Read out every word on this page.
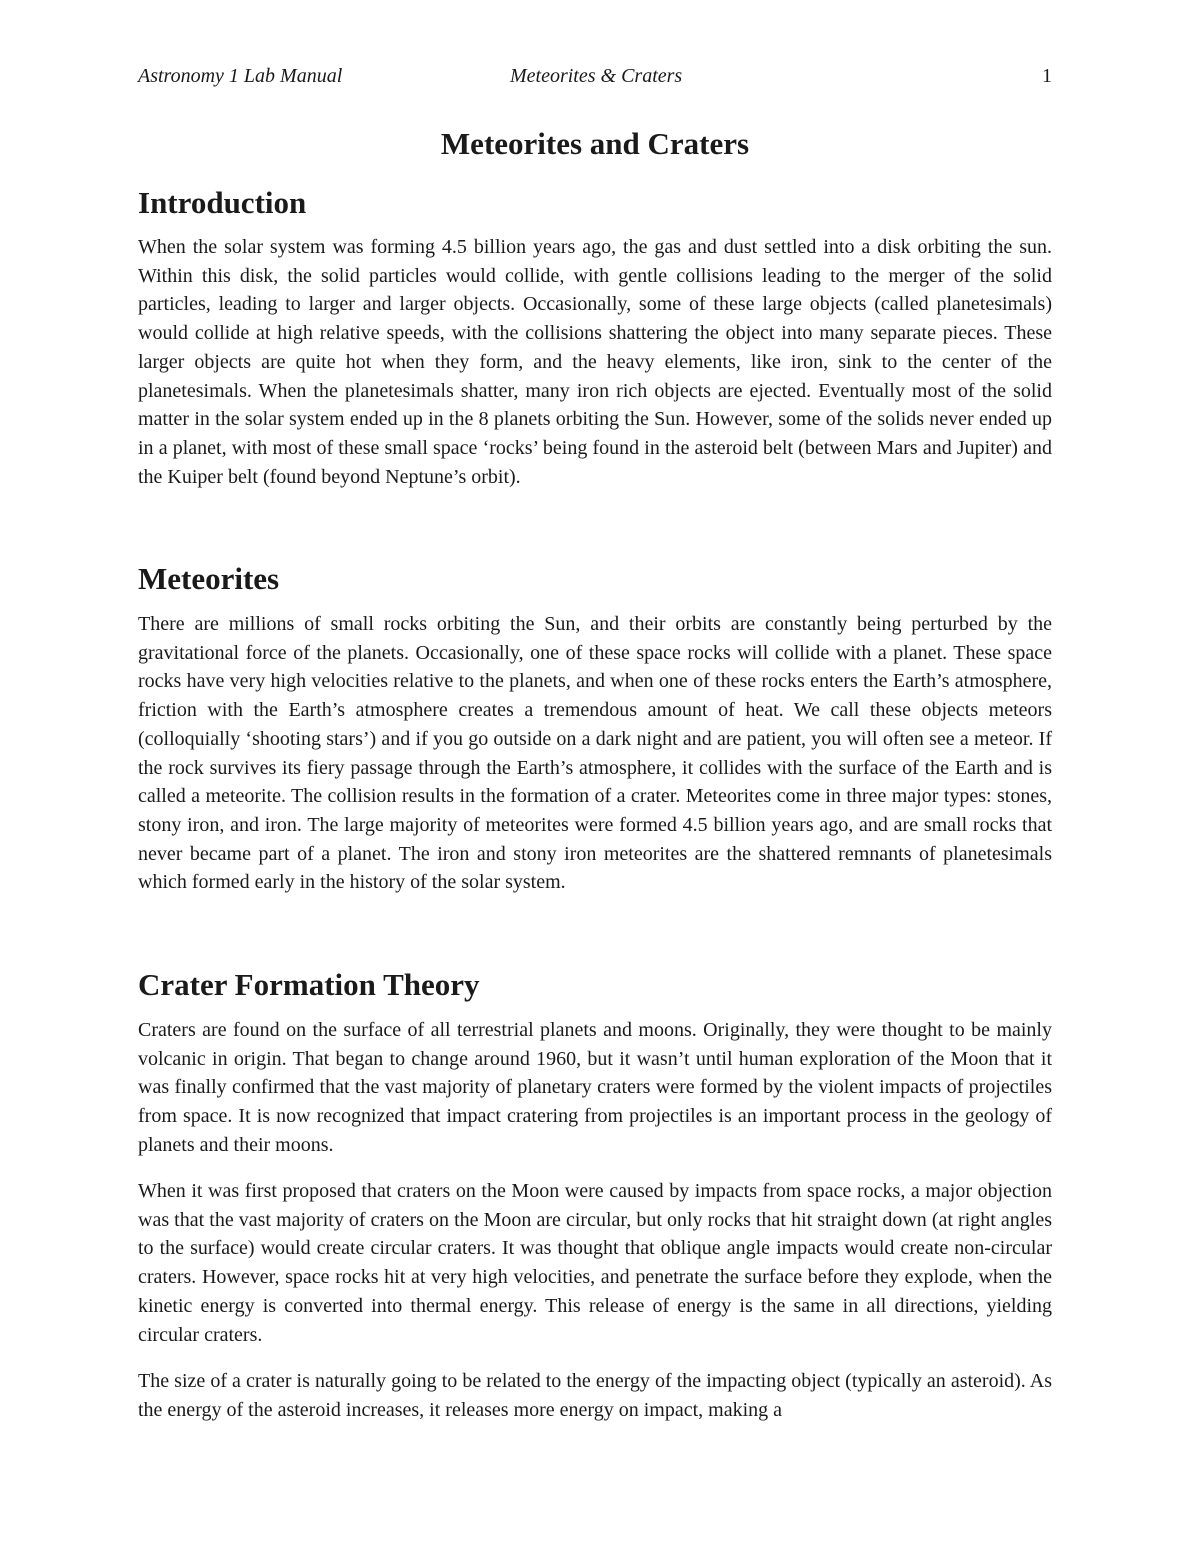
Astronomy 1 Lab Manual	Meteorites & Craters	1
Meteorites and Craters
Introduction

When the solar system was forming 4.5 billion years ago, the gas and dust settled into a disk orbiting the sun. Within this disk, the solid particles would collide, with gentle collisions leading to the merger of the solid particles, leading to larger and larger objects. Occasionally, some of these large objects (called planetesimals) would collide at high relative speeds, with the collisions shattering the object into many separate pieces. These larger objects are quite hot when they form, and the heavy elements, like iron, sink to the center of the planetesimals. When the planetesimals shatter, many iron rich objects are ejected. Eventually most of the solid matter in the solar system ended up in the 8 planets orbiting the Sun. However, some of the solids never ended up in a planet, with most of these small space ‘rocks’ being found in the asteroid belt (between Mars and Jupiter) and the Kuiper belt (found beyond Neptune’s orbit).

Meteorites

There are millions of small rocks orbiting the Sun, and their orbits are constantly being perturbed by the gravitational force of the planets. Occasionally, one of these space rocks will collide with a planet. These space rocks have very high velocities relative to the planets, and when one of these rocks enters the Earth’s atmosphere, friction with the Earth’s atmosphere creates a tremendous amount of heat. We call these objects meteors (colloquially ‘shooting stars’) and if you go outside on a dark night and are patient, you will often see a meteor. If the rock survives its fiery passage through the Earth’s atmosphere, it collides with the surface of the Earth and is called a meteorite. The collision results in the formation of a crater. Meteorites come in three major types: stones, stony iron, and iron. The large majority of meteorites were formed 4.5 billion years ago, and are small rocks that never became part of a planet. The iron and stony iron meteorites are the shattered remnants of planetesimals which formed early in the history of the solar system.

Crater Formation Theory

Craters are found on the surface of all terrestrial planets and moons. Originally, they were thought to be mainly volcanic in origin. That began to change around 1960, but it wasn’t until human exploration of the Moon that it was finally confirmed that the vast majority of planetary craters were formed by the violent impacts of projectiles from space. It is now recognized that impact cratering from projectiles is an important process in the geology of planets and their moons.

When it was first proposed that craters on the Moon were caused by impacts from space rocks, a major objection was that the vast majority of craters on the Moon are circular, but only rocks that hit straight down (at right angles to the surface) would create circular craters. It was thought that oblique angle impacts would create non-circular craters. However, space rocks hit at very high velocities, and penetrate the surface before they explode, when the kinetic energy is converted into thermal energy. This release of energy is the same in all directions, yielding circular craters.

The size of a crater is naturally going to be related to the energy of the impacting object (typically an asteroid). As the energy of the asteroid increases, it releases more energy on impact, making a
